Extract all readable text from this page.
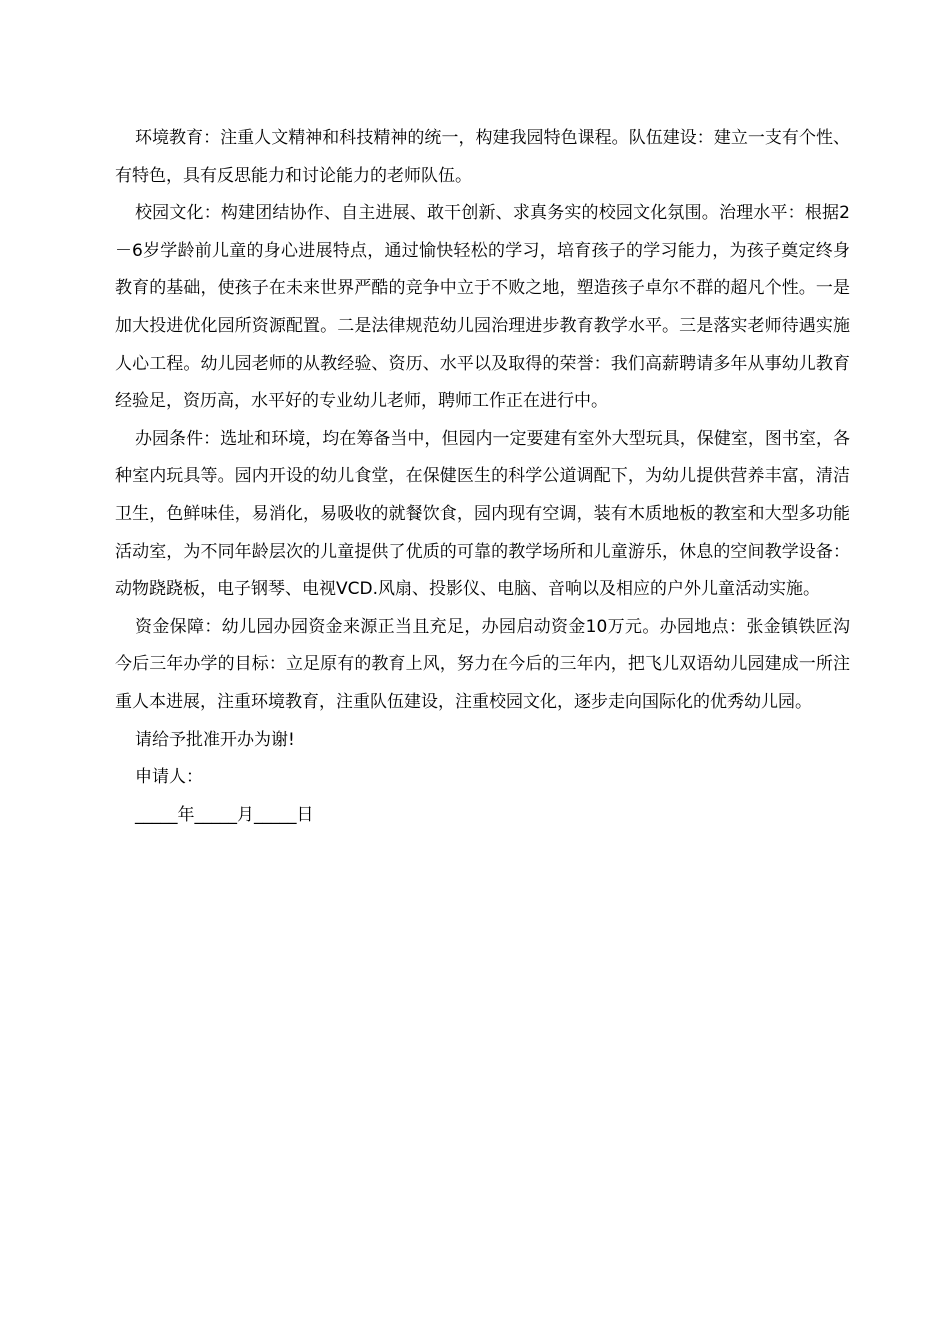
环境教育：注重人文精神和科技精神的统一，构建我园特色课程。队伍建设：建立一支有个性、有特色，具有反思能力和讨论能力的老师队伍。

校园文化：构建团结协作、自主进展、敢干创新、求真务实的校园文化氛围。治理水平：根据2－6岁学龄前儿童的身心进展特点，通过愉快轻松的学习，培育孩子的学习能力，为孩子奠定终身教育的基础，使孩子在未来世界严酷的竞争中立于不败之地，塑造孩子卓尔不群的超凡个性。一是加大投进优化园所资源配置。二是法律规范幼儿园治理进步教育教学水平。三是落实老师待遇实施人心工程。幼儿园老师的从教经验、资历、水平以及取得的荣誉：我们高薪聘请多年从事幼儿教育经验足，资历高，水平好的专业幼儿老师，聘师工作正在进行中。

办园条件：选址和环境，均在筹备当中，但园内一定要建有室外大型玩具，保健室，图书室，各种室内玩具等。园内开设的幼儿食堂，在保健医生的科学公道调配下，为幼儿提供营养丰富，清洁卫生，色鲜味佳，易消化，易吸收的就餐饮食，园内现有空调，装有木质地板的教室和大型多功能活动室，为不同年龄层次的儿童提供了优质的可靠的教学场所和儿童游乐，休息的空间教学设备：动物跷跷板，电子钢琴、电视VCD.风扇、投影仪、电脑、音响以及相应的户外儿童活动实施。

资金保障：幼儿园办园资金来源正当且充足，办园启动资金10万元。办园地点：张金镇铁匠沟今后三年办学的目标：立足原有的教育上风，努力在今后的三年内，把飞儿双语幼儿园建成一所注重人本进展，注重环境教育，注重队伍建设，注重校园文化，逐步走向国际化的优秀幼儿园。

请给予批准开办为谢!

申请人：

_____年_____月_____日
